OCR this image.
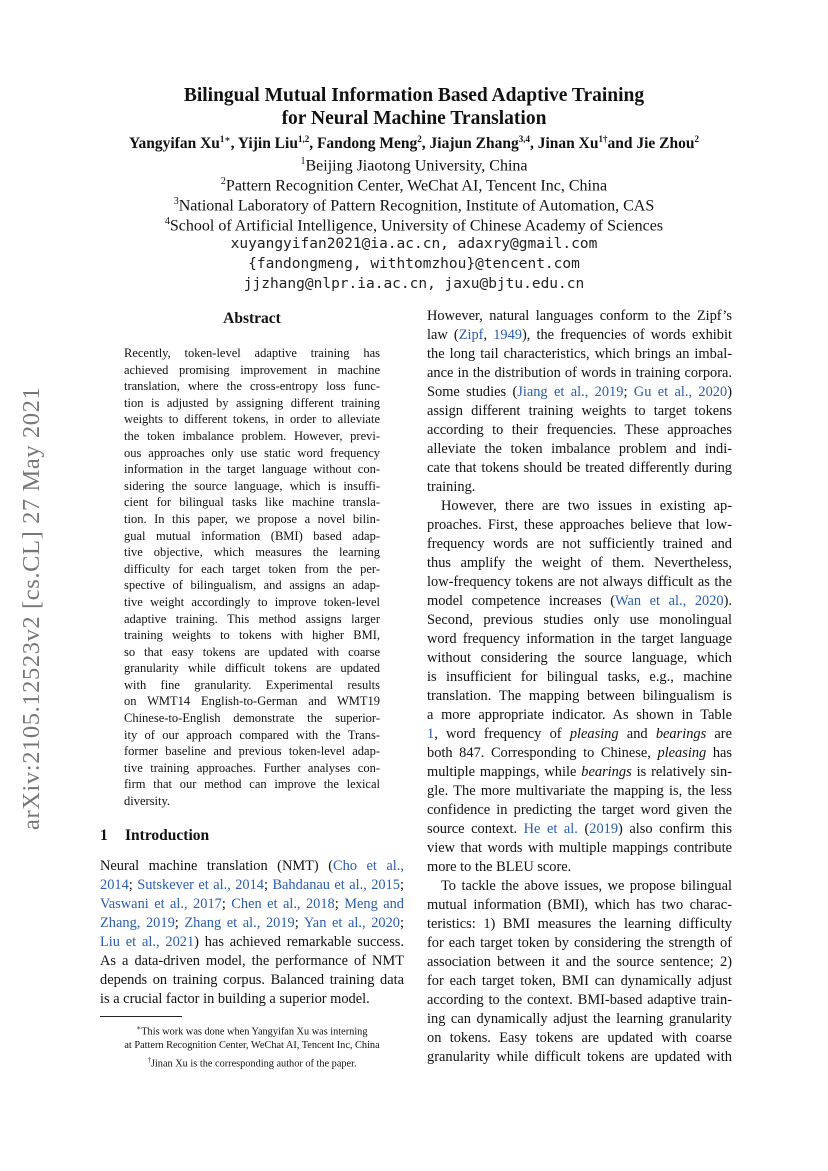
arXiv:2105.12523v2 [cs.CL] 27 May 2021
Bilingual Mutual Information Based Adaptive Training
for Neural Machine Translation
Yangyifan $Xu^{1∗}$, Yijin Liu$^{1,2}$, Fandong Meng$^2$, Jiajun Zhang$^{3,4}$, Jinan $Xu^{1\dagger}and$ Jie Zhou$^2$
$^1$Beijing Jiaotong University, China
$^2$Pattern Recognition Center, WeChat AI, Tencent Inc, China
$^3$National Laboratory of Pattern Recognition, Institute of Automation, CAS
$^4$School of Artificial Intelligence, University of Chinese Academy of Sciences
xuyangyifan2021@ia.ac.cn, adaxry@gmail.com
{fandongmeng, withtomzhou}@tencent.com
jjzhang@nlpr.ia.ac.cn, jaxu@bjtu.edu.cn
Abstract
Recently, token-level adaptive training has
achieved promising improvement in machine
translation, where the cross-entropy loss func-
tion is adjusted by assigning different training
weights to different tokens, in order to alleviate
the token imbalance problem. However, previ-
ous approaches only use static word frequency
information in the target language without con-
sidering the source language, which is insuffi-
cient for bilingual tasks like machine transla-
tion. In this paper, we propose a novel bilin-
gual mutual information (BMI) based adap-
tive objective, which measures the learning
difficulty for each target token from the per-
spective of bilingualism, and assigns an adap-
tive weight accordingly to improve token-level
adaptive training. This method assigns larger
training weights to tokens with higher BMI,
so that easy tokens are updated with coarse
granularity while difficult tokens are updated
with fine granularity. Experimental results
on WMT14 English-to-German and WMT19
Chinese-to-English demonstrate the superior-
ity of our approach compared with the Trans-
former baseline and previous token-level adap-
tive training approaches. Further analyses con-
firm that our method can improve the lexical
diversity.
1 Introduction
Neural machine translation (NMT) (Cho et al.,
2014; Sutskever et al., 2014; Bahdanau et al., 2015;
Vaswani et al., 2017; Chen et al., 2018; Meng and
Zhang, 2019; Zhang et al., 2019; Yan et al., 2020;
Liu et al., 2021) has achieved remarkable success.
As a data-driven model, the performance of NMT
depends on training corpus. Balanced training data
is a crucial factor in building a superior model.
∗This work was done when Yangyifan Xu was interning
at Pattern Recognition Center, WeChat AI, Tencent Inc, China
†Jinan Xu is the corresponding author of the paper.
However, natural languages conform to the Zipf’s
law (Zipf, 1949), the frequencies of words exhibit
the long tail characteristics, which brings an imbal-
ance in the distribution of words in training corpora.
Some studies (Jiang et al., 2019; Gu et al., 2020)
assign different training weights to target tokens
according to their frequencies. These approaches
alleviate the token imbalance problem and indi-
cate that tokens should be treated differently during
training.
However, there are two issues in existing ap-
proaches. First, these approaches believe that low-
frequency words are not sufficiently trained and
thus amplify the weight of them. Nevertheless,
low-frequency tokens are not always difficult as the
model competence increases (Wan et al., 2020).
Second, previous studies only use monolingual
word frequency information in the target language
without considering the source language, which
is insufficient for bilingual tasks, e.g., machine
translation. The mapping between bilingualism is
a more appropriate indicator. As shown in Table
1, word frequency of pleasing and bearings are
both 847. Corresponding to Chinese, pleasing has
multiple mappings, while bearings is relatively sin-
gle. The more multivariate the mapping is, the less
confidence in predicting the target word given the
source context. He et al. (2019) also confirm this
view that words with multiple mappings contribute
more to the BLEU score.
To tackle the above issues, we propose bilingual
mutual information (BMI), which has two charac-
teristics: 1) BMI measures the learning difficulty
for each target token by considering the strength of
association between it and the source sentence; 2)
for each target token, BMI can dynamically adjust
according to the context. BMI-based adaptive train-
ing can dynamically adjust the learning granularity
on tokens. Easy tokens are updated with coarse
granularity while difficult tokens are updated with
